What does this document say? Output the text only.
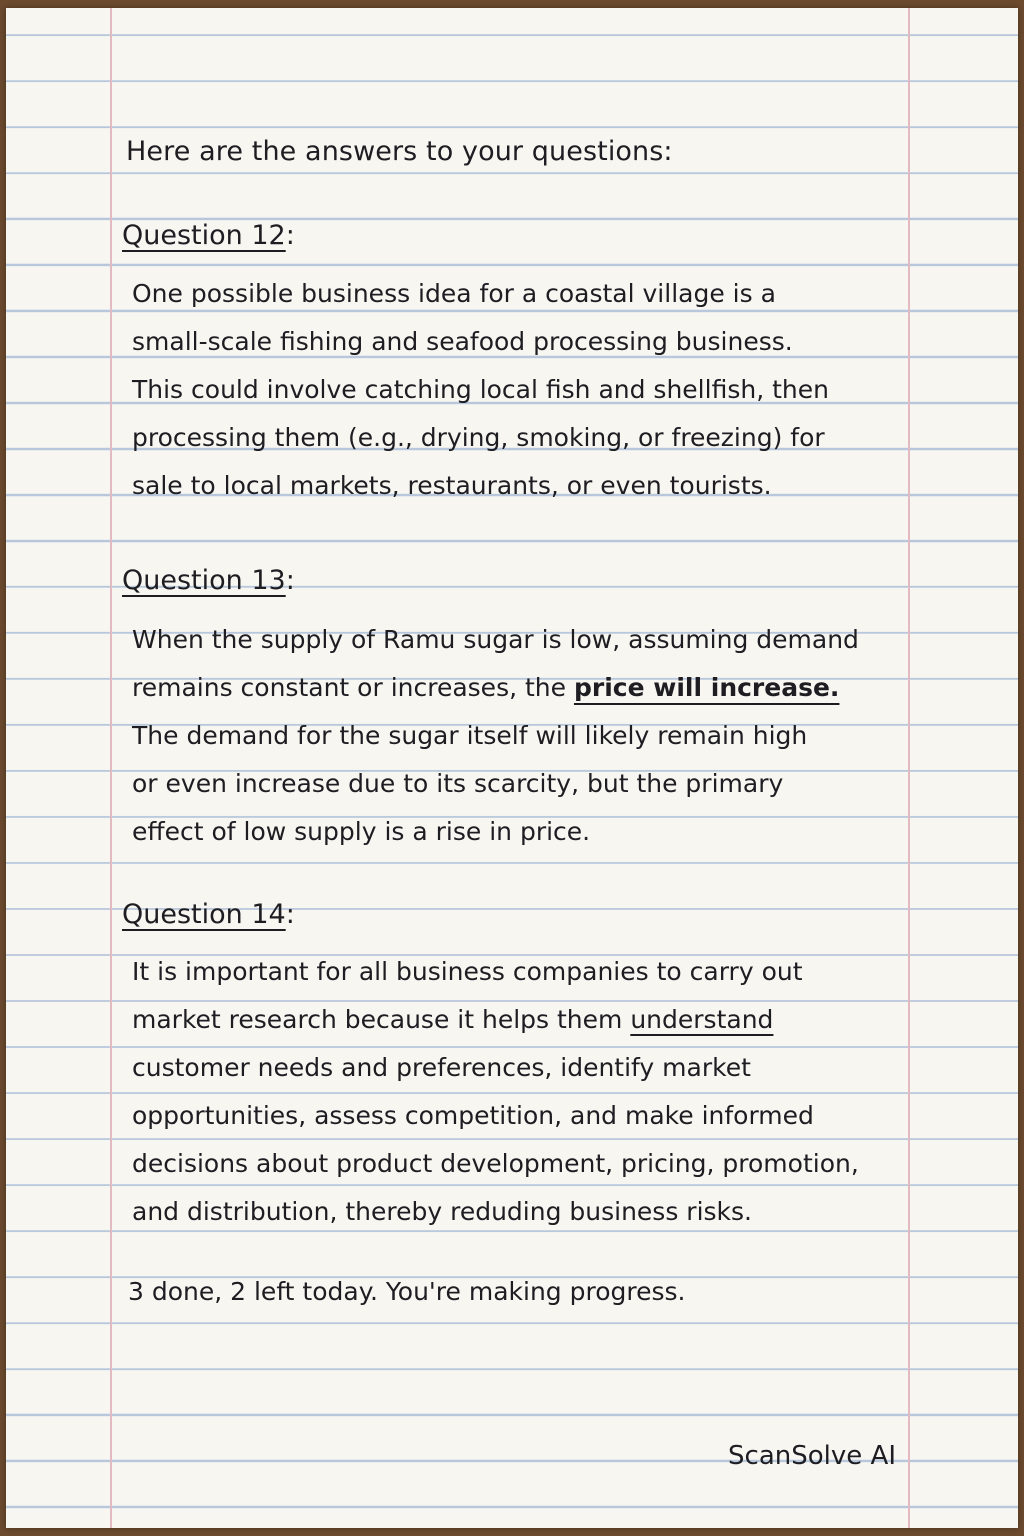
Here are the answers to your questions:

Question 12:

One possible business idea for a coastal village is a
small-scale fishing and seafood processing business.
This could involve catching local fish and shellfish, then
processing them (e.g., drying, smoking, or freezing) for
sale to local markets, restaurants, or even tourists.

Question 13:

When the supply of Ramu sugar is low, assuming demand
remains constant or increases, the price will increase.
The demand for the sugar itself will likely remain high
or even increase due to its scarcity, but the primary
effect of low supply is a rise in price.

Question 14:

It is important for all business companies to carry out
market research because it helps them understand
customer needs and preferences, identify market
opportunities, assess competition, and make informed
decisions about product development, pricing, promotion,
and distribution, thereby reduding business risks.

3 done, 2 left today. You're making progress.

ScanSolve AI
